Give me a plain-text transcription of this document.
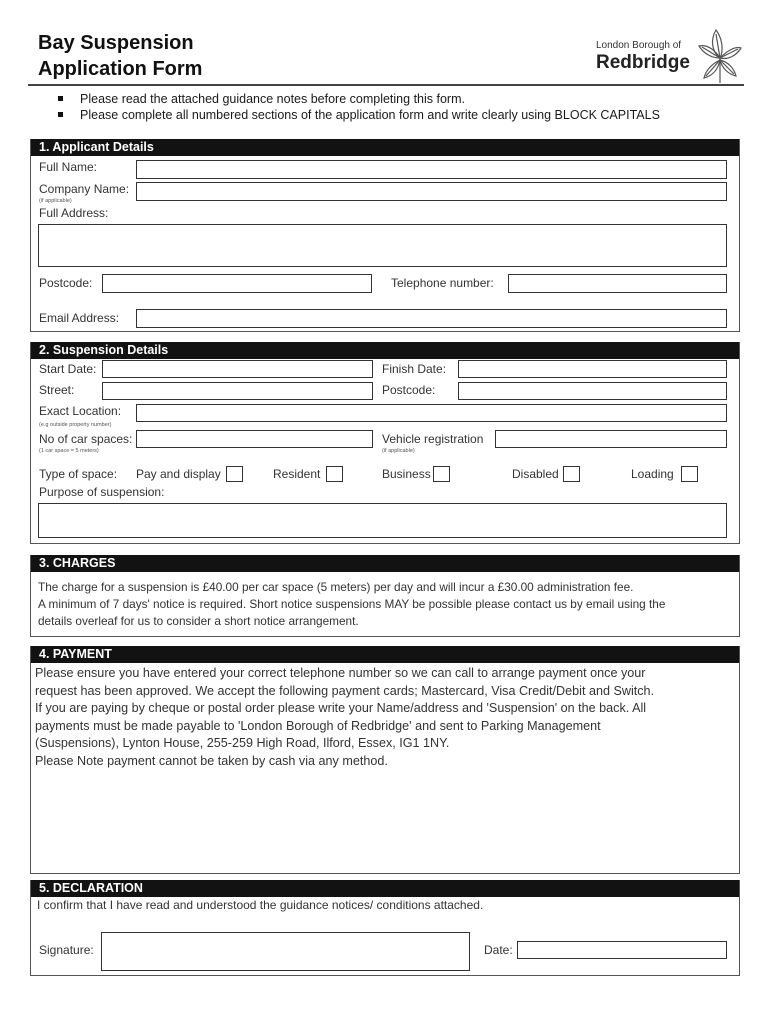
Bay Suspension
Application Form
London Borough of
Redbridge
Please read the attached guidance notes before completing this form.
Please complete all numbered sections of the application form and write clearly using BLOCK CAPITALS
1. Applicant Details
Full Name:
Company Name:
(if applicable)
Full Address:
Postcode:	Telephone number:
Email Address:
2. Suspension Details
Start Date:	Finish Date:
Street:	Postcode:
Exact Location:
(e.g outside property number)
No of car spaces:
(1 car space = 5 meters)
Vehicle registration
(if applicable)
Type of space: Pay and display	Resident	Business	Disabled	Loading
Purpose of suspension:
3. CHARGES
The charge for a suspension is £40.00 per car space (5 meters) per day and will incur a £30.00 administration fee.
A minimum of 7 days' notice is required. Short notice suspensions MAY be possible please contact us by email using the
details overleaf for us to consider a short notice arrangement.
4. PAYMENT
Please ensure you have entered your correct telephone number so we can call to arrange payment once your
request has been approved. We accept the following payment cards; Mastercard, Visa Credit/Debit and Switch.
If you are paying by cheque or postal order please write your Name/address and 'Suspension' on the back. All
payments must be made payable to 'London Borough of Redbridge' and sent to Parking Management
(Suspensions), Lynton House, 255-259 High Road, Ilford, Essex, IG1 1NY.
Please Note payment cannot be taken by cash via any method.
5. DECLARATION
I confirm that I have read and understood the guidance notices/ conditions attached.
Signature:	Date:
